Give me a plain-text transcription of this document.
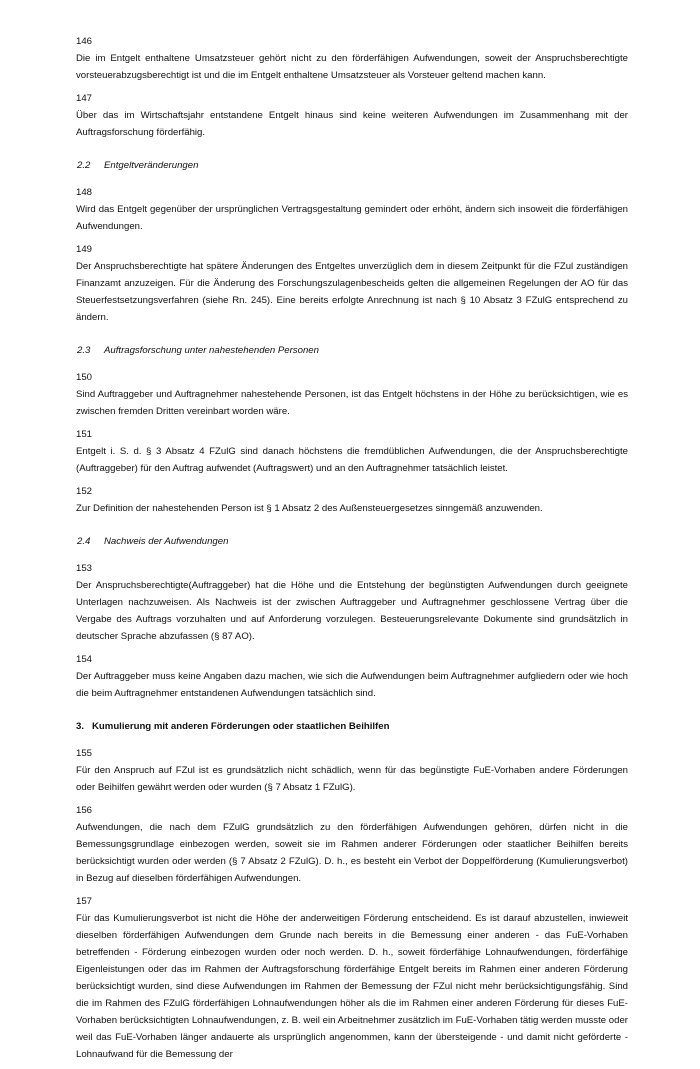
146
Die im Entgelt enthaltene Umsatzsteuer gehört nicht zu den förderfähigen Aufwendungen, soweit der Anspruchsberechtigte vorsteuerabzugsberechtigt ist und die im Entgelt enthaltene Umsatzsteuer als Vorsteuer geltend machen kann.
147
Über das im Wirtschaftsjahr entstandene Entgelt hinaus sind keine weiteren Aufwendungen im Zusammenhang mit der Auftragsforschung förderfähig.
2.2	Entgeltveränderungen
148
Wird das Entgelt gegenüber der ursprünglichen Vertragsgestaltung gemindert oder erhöht, ändern sich insoweit die förderfähigen Aufwendungen.
149
Der Anspruchsberechtigte hat spätere Änderungen des Entgeltes unverzüglich dem in diesem Zeitpunkt für die FZul zuständigen Finanzamt anzuzeigen. Für die Änderung des Forschungszulagenbescheids gelten die allgemeinen Regelungen der AO für das Steuerfestsetzungsverfahren (siehe Rn. 245). Eine bereits erfolgte Anrechnung ist nach § 10 Absatz 3 FZulG entsprechend zu ändern.
2.3	Auftragsforschung unter nahestehenden Personen
150
Sind Auftraggeber und Auftragnehmer nahestehende Personen, ist das Entgelt höchstens in der Höhe zu berücksichtigen, wie es zwischen fremden Dritten vereinbart worden wäre.
151
Entgelt i. S. d. § 3 Absatz 4 FZulG sind danach höchstens die fremdüblichen Aufwendungen, die der Anspruchsberechtigte (Auftraggeber) für den Auftrag aufwendet (Auftragswert) und an den Auftragnehmer tatsächlich leistet.
152
Zur Definition der nahestehenden Person ist § 1 Absatz 2 des Außensteuergesetzes sinngemäß anzuwenden.
2.4	Nachweis der Aufwendungen
153
Der Anspruchsberechtigte(Auftraggeber) hat die Höhe und die Entstehung der begünstigten Aufwendungen durch geeignete Unterlagen nachzuweisen. Als Nachweis ist der zwischen Auftraggeber und Auftragnehmer geschlossene Vertrag über die Vergabe des Auftrags vorzuhalten und auf Anforderung vorzulegen. Besteuerungsrelevante Dokumente sind grundsätzlich in deutscher Sprache abzufassen (§ 87 AO).
154
Der Auftraggeber muss keine Angaben dazu machen, wie sich die Aufwendungen beim Auftragnehmer aufgliedern oder wie hoch die beim Auftragnehmer entstandenen Aufwendungen tatsächlich sind.
3. Kumulierung mit anderen Förderungen oder staatlichen Beihilfen
155
Für den Anspruch auf FZul ist es grundsätzlich nicht schädlich, wenn für das begünstigte FuE-Vorhaben andere Förderungen oder Beihilfen gewährt werden oder wurden (§ 7 Absatz 1 FZulG).
156
Aufwendungen, die nach dem FZulG grundsätzlich zu den förderfähigen Aufwendungen gehören, dürfen nicht in die Bemessungsgrundlage einbezogen werden, soweit sie im Rahmen anderer Förderungen oder staatlicher Beihilfen bereits berücksichtigt wurden oder werden (§ 7 Absatz 2 FZulG). D. h., es besteht ein Verbot der Doppelförderung (Kumulierungsverbot) in Bezug auf dieselben förderfähigen Aufwendungen.
157
Für das Kumulierungsverbot ist nicht die Höhe der anderweitigen Förderung entscheidend. Es ist darauf abzustellen, inwieweit dieselben förderfähigen Aufwendungen dem Grunde nach bereits in die Bemessung einer anderen - das FuE-Vorhaben betreffenden - Förderung einbezogen wurden oder noch werden. D. h., soweit förderfähige Lohnaufwendungen, förderfähige Eigenleistungen oder das im Rahmen der Auftragsforschung förderfähige Entgelt bereits im Rahmen einer anderen Förderung berücksichtigt wurden, sind diese Aufwendungen im Rahmen der Bemessung der FZul nicht mehr berücksichtigungsfähig. Sind die im Rahmen des FZulG förderfähigen Lohnaufwendungen höher als die im Rahmen einer anderen Förderung für dieses FuE-Vorhaben berücksichtigten Lohnaufwendungen, z. B. weil ein Arbeitnehmer zusätzlich im FuE-Vorhaben tätig werden musste oder weil das FuE-Vorhaben länger andauerte als ursprünglich angenommen, kann der übersteigende - und damit nicht geförderte - Lohnaufwand für die Bemessung der
